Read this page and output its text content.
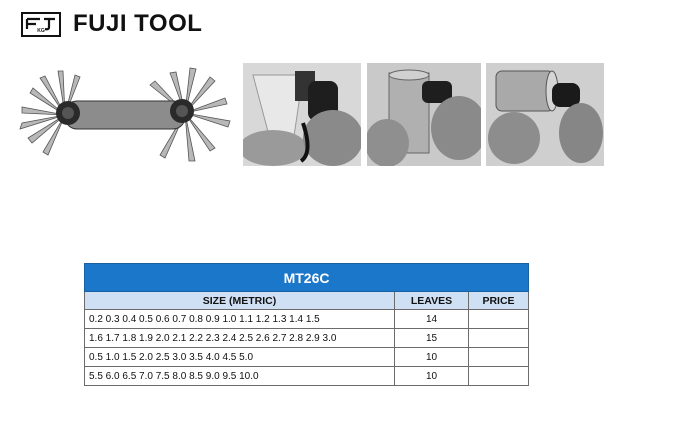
KG	FUJI TOOL
MT26C		
SIZE (METRIC)	LEAVES	PRICE
0.2 0.3 0.4 0.5 0.6 0.7 0.8 0.9 1.0 1.1 1.2 1.3 1.4 1.5	14	
1.6 1.7 1.8 1.9 2.0 2.1 2.2 2.3 2.4 2.5 2.6 2.7 2.8 2.9 3.0	15	
0.5 1.0 1.5 2.0 2.5 3.0 3.5 4.0 4.5 5.0	10	
5.5 6.0 6.5 7.0 7.5 8.0 8.5 9.0 9.5 10.0	10	
